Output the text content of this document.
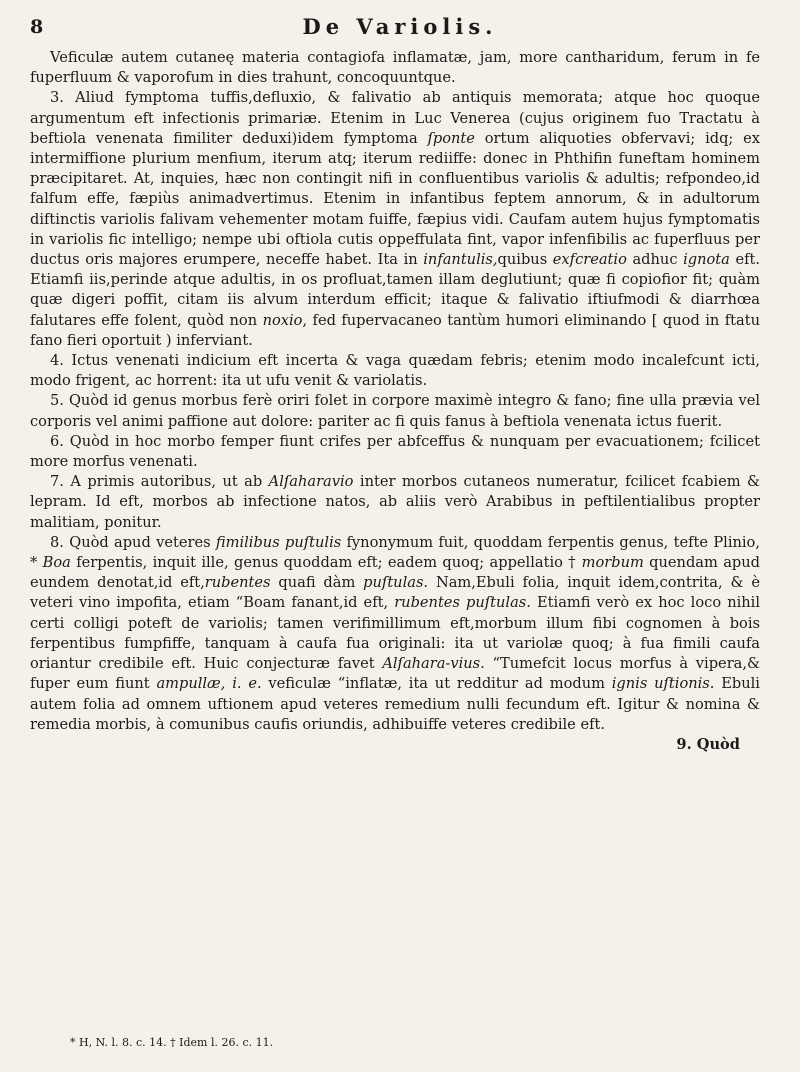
8	De Variolis.

Veficulæ autem cutaneę materia contagiofa inflamatæ, jam, more cantharidum, ferum in fe fuperfluum & vaporofum in dies trahunt, concoquuntque.

3. Aliud fymptoma tuffis,defluxio, & falivatio ab antiquis memorata; atque hoc quoque argumentum eft infectionis primariæ. Etenim in Luc Venerea (cujus originem fuo Tractatu à beftiola venenata fimiliter deduxi)idem fymptoma ſponte ortum aliquoties obfervavi; idq; ex intermiffione plurium menfium, iterum atq; iterum rediiffe: donec in Phthifin funeftam hominem præcipitaret. At, inquies, hæc non contingit nifi in confluentibus variolis & adultis; refpondeo,id falfum effe, fæpiùs animadvertimus. Etenim in infantibus feptem annorum, & in adultorum diftinctis variolis falivam vehementer motam fuiffe, fæpius vidi. Caufam autem hujus fymptomatis in variolis fic intelligo; nempe ubi oftiola cutis oppeffulata fint, vapor infenfibilis ac fuperfluus per ductus oris majores erumpere, neceffe habet. Ita in infantulis,quibus exfcreatio adhuc ignota eft. Etiamfi iis,perinde atque adultis, in os profluat,tamen illam deglutiunt; quæ fi copiofior fit; quàm quæ digeri poffit, citam iis alvum interdum efficit; itaque & falivatio iftiufmodi & diarrhœa falutares effe folent, quòd non noxio, fed fupervacaneo tantùm humori eliminando [ quod in ftatu fano fieri oportuit ) inferviant.

4. Ictus venenati indicium eft incerta & vaga quædam febris; etenim modo incalefcunt icti, modo frigent, ac horrent: ita ut ufu venit & variolatis.

5. Quòd id genus morbus ferè oriri folet in corpore maximè integro & fano; fine ulla prævia vel corporis vel animi paffione aut dolore: pariter ac fi quis fanus à beftiola venenata ictus fuerit.

6. Quòd in hoc morbo femper fiunt crifes per abfceffus & nunquam per evacuationem; fcilicet more morfus venenati.

7. A primis autoribus, ut ab Alſaharavio inter morbos cutaneos numeratur, fcilicet fcabiem & lepram. Id eft, morbos ab infectione natos, ab aliis verò Arabibus in peftilentialibus propter malitiam, ponitur.

8. Quòd apud veteres fimilibus puſtulis fynonymum fuit, quoddam ferpentis genus, tefte Plinio, * Boa ferpentis, inquit ille, genus quoddam eft; eadem quoq; appellatio † morbum quendam apud eundem denotat,id eft,rubentes quafi dàm puſtulas. Nam,Ebuli folia, inquit idem,contrita, & è veteri vino impofita, etiam “Boam fanant,id eft, rubentes puſtulas. Etiamfi verò ex hoc loco nihil certi colligi poteft de variolis; tamen verifimillimum eft,morbum illum fibi cognomen à bois ferpentibus fumpfiffe, tanquam à caufa fua originali: ita ut variolæ quoq; à fua fimili caufa oriantur credibile eft. Huic conjecturæ favet Alſahara-vius. “Tumefcit locus morfus à vipera,& fuper eum fiunt ampullæ, i. e. veficulæ “inflatæ, ita ut redditur ad modum ignis uſtionis. Ebuli autem folia ad omnem uftionem apud veteres remedium nulli fecundum eft. Igitur & nomina & remedia morbis, à comunibus caufis oriundis, adhibuiffe veteres credibile eft.

9. Quòd
* H, N. l. 8. c. 14. † Idem l. 26. c. 11.
